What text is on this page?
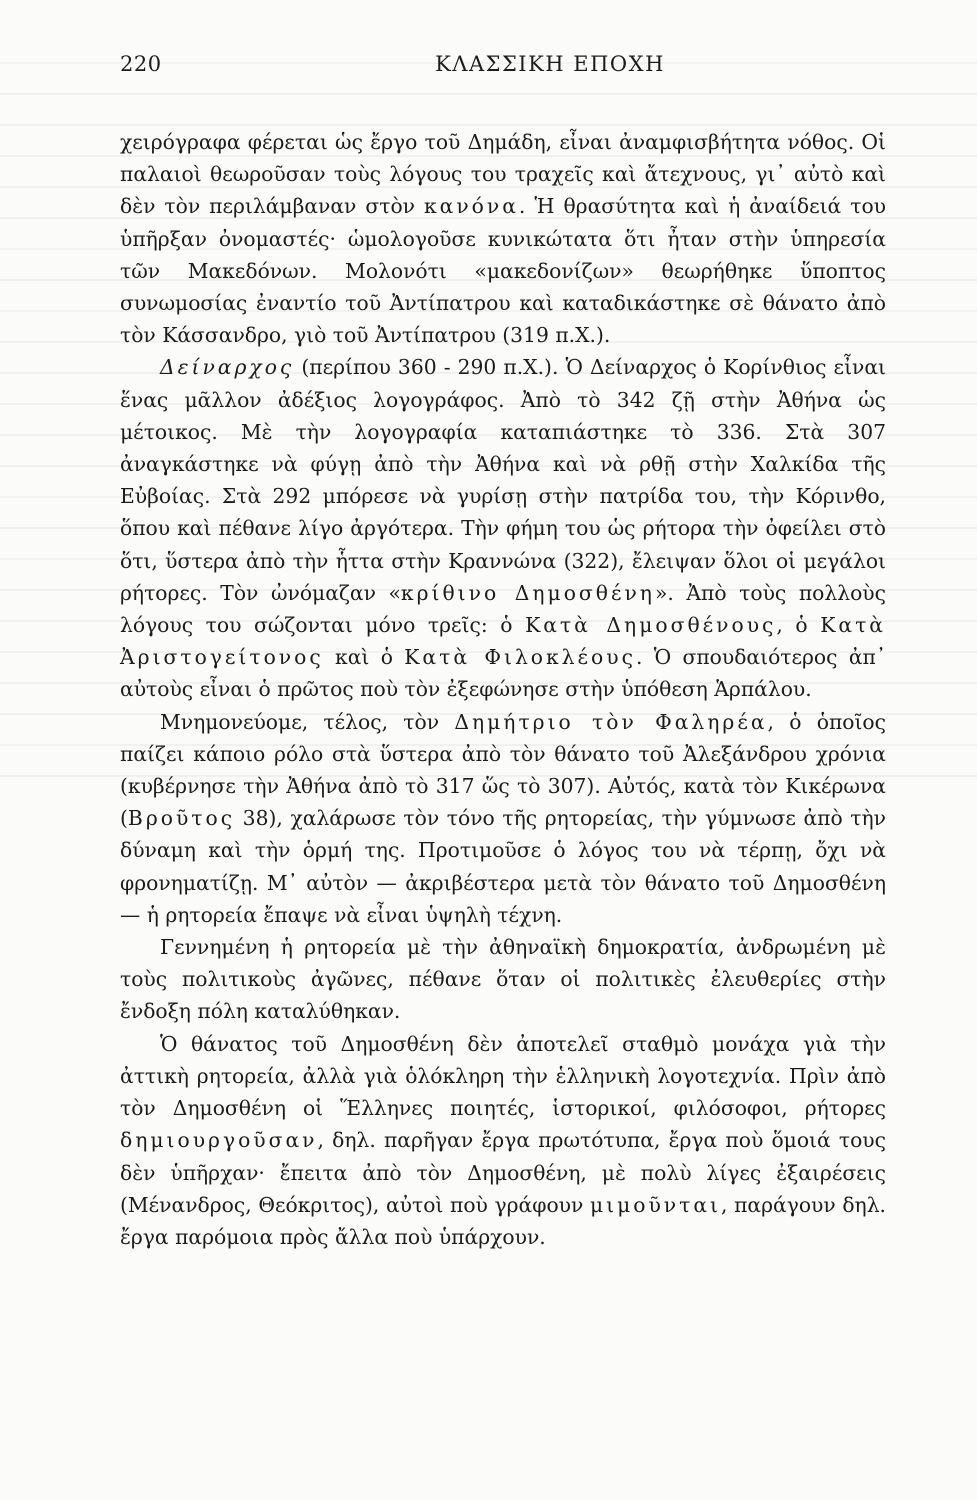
220	ΚΛΑΣΣΙΚΗ ΕΠΟΧΗ

χειρόγραφα φέρεται ὡς ἔργο τοῦ Δημάδη, εἶναι ἀναμφισβήτητα νόθος. Οἱ παλαιοὶ θεωροῦσαν τοὺς λόγους του τραχεῖς καὶ ἄτεχνους, γι᾽ αὐτὸ καὶ δὲν τὸν περιλάμβαναν στὸν κανόνα. Ἡ θρασύτητα καὶ ἡ ἀναίδειά του ὑπῆρξαν ὀνομαστές· ὡμολογοῦσε κυνικώτατα ὅτι ἦταν στὴν ὑπηρεσία τῶν Μακεδόνων. Μολονότι «μακεδονίζων» θεωρήθηκε ὕποπτος συνωμοσίας ἐναντίο τοῦ Ἀντίπατρου καὶ καταδικάστηκε σὲ θάνατο ἀπὸ τὸν Κάσσανδρο, γιὸ τοῦ Ἀντίπατρου (319 π.Χ.).

Δείναρχος (περίπου 360 - 290 π.Χ.). Ὁ Δείναρχος ὁ Κορίνθιος εἶναι ἕνας μᾶλλον ἀδέξιος λογογράφος. Ἀπὸ τὸ 342 ζῇ στὴν Ἀθήνα ὡς μέτοικος. Μὲ τὴν λογογραφία καταπιάστηκε τὸ 336. Στὰ 307 ἀναγκάστηκε νὰ φύγῃ ἀπὸ τὴν Ἀθήνα καὶ νὰ ρθῇ στὴν Χαλκίδα τῆς Εὐβοίας. Στὰ 292 μπόρεσε νὰ γυρίσῃ στὴν πατρίδα του, τὴν Κόρινθο, ὅπου καὶ πέθανε λίγο ἀργότερα. Τὴν φήμη του ὡς ρήτορα τὴν ὀφείλει στὸ ὅτι, ὕστερα ἀπὸ τὴν ἧττα στὴν Κραννώνα (322), ἔλειψαν ὅλοι οἱ μεγάλοι ρήτορες. Τὸν ὠνόμαζαν «κρίθινο Δημοσθένη». Ἀπὸ τοὺς πολλοὺς λόγους του σώζονται μόνο τρεῖς: ὁ Κατὰ Δημοσθένους, ὁ Κατὰ Ἀριστογείτονος καὶ ὁ Κατὰ Φιλοκλέους. Ὁ σπουδαιότερος ἀπ᾽ αὐτοὺς εἶναι ὁ πρῶτος ποὺ τὸν ἐξεφώνησε στὴν ὑπόθεση Ἁρπάλου.

Μνημονεύομε, τέλος, τὸν Δημήτριο τὸν Φαληρέα, ὁ ὁποῖος παίζει κάποιο ρόλο στὰ ὕστερα ἀπὸ τὸν θάνατο τοῦ Ἀλεξάνδρου χρόνια (κυβέρνησε τὴν Ἀθήνα ἀπὸ τὸ 317 ὥς τὸ 307). Αὐτός, κατὰ τὸν Κικέρωνα (Βροῦτος 38), χαλάρωσε τὸν τόνο τῆς ρητορείας, τὴν γύμνωσε ἀπὸ τὴν δύναμη καὶ τὴν ὁρμή της. Προτιμοῦσε ὁ λόγος του νὰ τέρπῃ, ὄχι νὰ φρονηματίζῃ. Μ᾽ αὐτὸν — ἀκριβέστερα μετὰ τὸν θάνατο τοῦ Δημοσθένη — ἡ ρητορεία ἔπαψε νὰ εἶναι ὑψηλὴ τέχνη.

Γεννημένη ἡ ρητορεία μὲ τὴν ἀθηναϊκὴ δημοκρατία, ἀνδρωμένη μὲ τοὺς πολιτικοὺς ἀγῶνες, πέθανε ὅταν οἱ πολιτικὲς ἐλευθερίες στὴν ἔνδοξη πόλη καταλύθηκαν.

Ὁ θάνατος τοῦ Δημοσθένη δὲν ἀποτελεῖ σταθμὸ μονάχα γιὰ τὴν ἀττικὴ ρητορεία, ἀλλὰ γιὰ ὁλόκληρη τὴν ἑλληνικὴ λογοτεχνία. Πρὶν ἀπὸ τὸν Δημοσθένη οἱ Ἕλληνες ποιητές, ἱστορικοί, φιλόσοφοι, ρήτορες δημιουργοῦσαν, δηλ. παρῆγαν ἔργα πρωτότυπα, ἔργα ποὺ ὅμοιά τους δὲν ὑπῆρχαν· ἔπειτα ἀπὸ τὸν Δημοσθένη, μὲ πολὺ λίγες ἐξαιρέσεις (Μένανδρος, Θεόκριτος), αὐτοὶ ποὺ γράφουν μιμοῦνται, παράγουν δηλ. ἔργα παρόμοια πρὸς ἄλλα ποὺ ὑπάρχουν.
